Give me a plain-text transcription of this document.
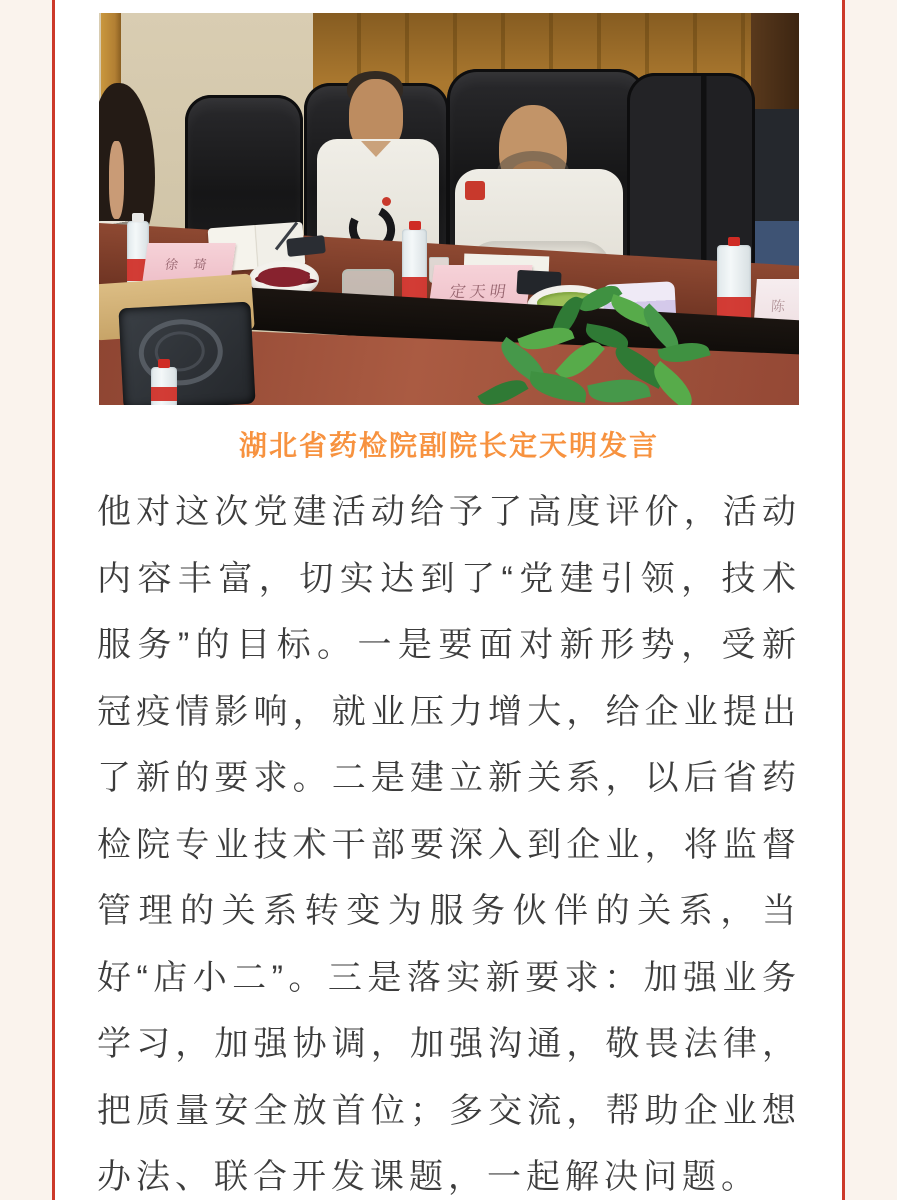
徐 琦
定天明
陈

湖北省药检院副院长定天明发言

他对这次党建活动给予了高度评价，活动内容丰富，切实达到了“党建引领，技术服务”的目标。一是要面对新形势，受新冠疫情影响，就业压力增大，给企业提出了新的要求。二是建立新关系，以后省药检院专业技术干部要深入到企业，将监督管理的关系转变为服务伙伴的关系，当好“店小二”。三是落实新要求：加强业务学习，加强协调，加强沟通，敬畏法律，把质量安全放首位；多交流，帮助企业想办法、联合开发课题，一起解决问题。
